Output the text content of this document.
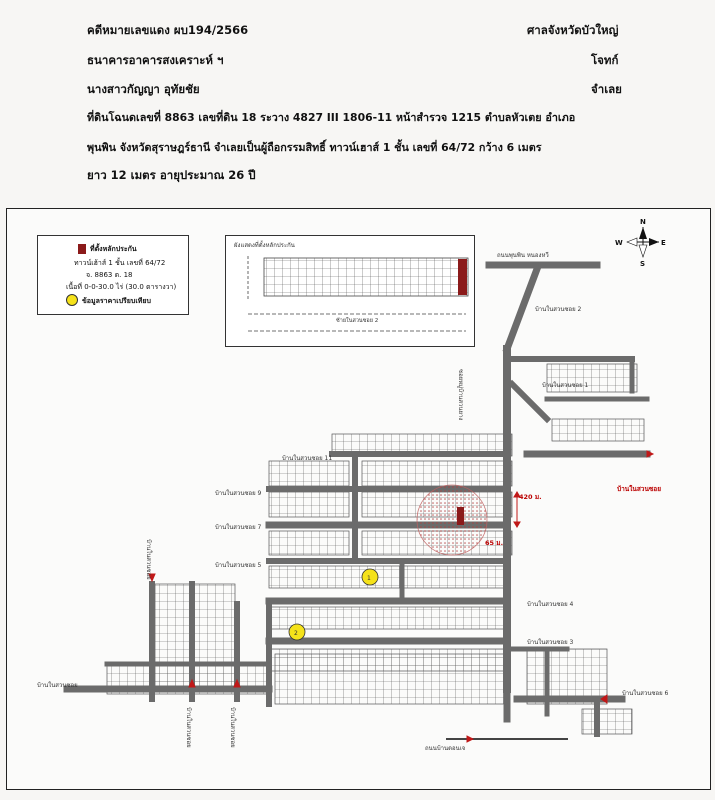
คดีหมายเลขแดง ผบ194/2566	ศาลจังหวัดบัวใหญ่
ธนาคารอาคารสงเคราะห์ ฯ	โจทก์
นางสาวกัญญา อุทัยชัย	จำเลย
ที่ดินโฉนดเลขที่ 8863 เลขที่ดิน 18 ระวาง 4827 III 1806-11 หน้าสำรวจ 1215 ตำบลหัวเตย อำเภอ
พุนพิน จังหวัดสุราษฎร์ธานี จำเลยเป็นผู้ถือกรรมสิทธิ์ ทาวน์เฮาส์ 1 ชั้น เลขที่ 64/72 กว้าง 6 เมตร
ยาว 12 เมตร อายุประมาณ 26 ปี
1
2
ถนนพุนพิน หนองหวี
ซอยหมู่บ้านสวนยาง
420 ม.
65 ม.
บ้านในสวนซอย 2
บ้านในสวนซอย 1
บ้านในสวนซอย
บ้านในสวนซอย 11
บ้านในสวนซอย 9
บ้านในสวนซอย 7
บ้านในสวนซอย 5
บ้านในสวนซอย 4
บ้านในสวนซอย 3
บ้านในสวนซอย
บ้านในสวนซอย 6
บ้านในสวนซอย
บ้านในสวนซอย	บ้านในสวนซอย
ถนนบ้านดอนเจ
N
S
E
W
ที่ตั้งหลักประกัน
ทาวน์เฮ้าส์ 1 ชั้น เลขที่ 64/72
จ. 8863 ต. 18
เนื้อที่ 0-0-30.0 ไร่ (30.0 ตารางวา)
ข้อมูลราคาเปรียบเทียบ
ผังแสดงที่ตั้งหลักประกัน
ซ้ายในสวนซอย 2
